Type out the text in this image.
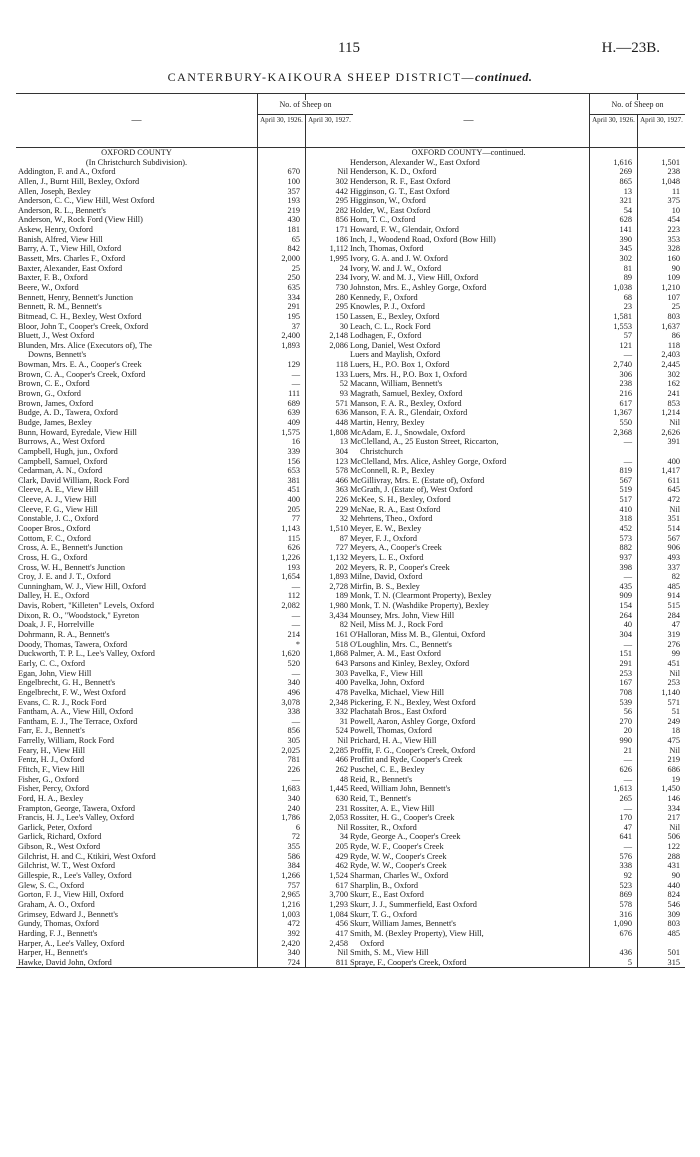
115	H.—23B.
CANTERBURY-KAIKOURA SHEEP DISTRICT—continued.
—
No. of Sheep on
April 30, 1926. April 30, 1927.
OXFORD COUNTY
(In Christchurch Subdivision).
Addington, F. and A., Oxford	670	Nil
Allen, J., Burnt Hill, Bexley, Oxford	100	302
Allen, Joseph, Bexley	357	442
Anderson, C. C., View Hill, West Oxford	193	295
Anderson, R. L., Bennett's	219	282
Anderson, W., Rock Ford (View Hill)	430	856
Askew, Henry, Oxford	181	171
Banish, Alfred, View Hill	65	186
Barry, A. T., View Hill, Oxford	842	1,112
Bassett, Mrs. Charles F., Oxford	2,000	1,995
Baxter, Alexander, East Oxford	25	24
Baxter, F. B., Oxford	250	234
Beere, W., Oxford	635	730
Bennett, Henry, Bennett's Junction	334	280
Bennett, R. M., Bennett's	291	295
Bitmead, C. H., Bexley, West Oxford	195	150
Bloor, John T., Cooper's Creek, Oxford	37	30
Bluett, J., West Oxford	2,400	2,148
Blunden, Mrs. Alice (Executors of), The	1,893	2,086
Downs, Bennett's
Bowman, Mrs. E. A., Cooper's Creek	129	118
Brown, C. A., Cooper's Creek, Oxford	—	133
Brown, C. E., Oxford	—	52
Brown, G., Oxford	111	93
Brown, James, Oxford	689	571
Budge, A. D., Tawera, Oxford	639	636
Budge, James, Bexley	409	448
Bunn, Howard, Eyredale, View Hill	1,575	1,808
Burrows, A., West Oxford	16	13
Campbell, Hugh, jun., Oxford	339	304
Campbell, Samuel, Oxford	156	123
Cedarman, A. N., Oxford	653	578
Clark, David William, Rock Ford	381	466
Cleeve, A. E., View Hill	451	363
Cleeve, A. J., View Hill	400	226
Cleeve, F. G., View Hill	205	229
Constable, J. C., Oxford	77	32
Cooper Bros., Oxford	1,143	1,510
Cottom, F. C., Oxford	115	87
Cross, A. E., Bennett's Junction	626	727
Cross, H. G., Oxford	1,226	1,132
Cross, W. H., Bennett's Junction	193	202
Croy, J. E. and J. T., Oxford	1,654	1,893
Cunningham, W. J., View Hill, Oxford	—	2,728
Dalley, H. E., Oxford	112	189
Davis, Robert, "Killeten" Levels, Oxford	2,082	1,980
Dixon, R. O., "Woodstock," Eyreton	—	3,434
Doak, J. F., Horrelville	—	82
Dohrmann, R. A., Bennett's	214	161
Doody, Thomas, Tawera, Oxford	*	518
Duckworth, T. P. L., Lee's Valley, Oxford	1,620	1,868
Early, C. C., Oxford	520	643
Egan, John, View Hill	—	303
Engelbrecht, G. H., Bennett's	340	400
Engelbrecht, F. W., West Oxford	496	478
Evans, C. R. J., Rock Ford	3,078	2,348
Fantham, A. A., View Hill, Oxford	338	332
Fantham, E. J., The Terrace, Oxford	—	31
Farr, E. J., Bennett's	856	524
Farrelly, William, Rock Ford	305	Nil
Feary, H., View Hill	2,025	2,285
Fentz, H. J., Oxford	781	466
Ffitch, F., View Hill	226	262
Fisher, G., Oxford	—	48
Fisher, Percy, Oxford	1,683	1,445
Ford, H. A., Bexley	340	630
Frampton, George, Tawera, Oxford	240	231
Francis, H. J., Lee's Valley, Oxford	1,786	2,053
Garlick, Peter, Oxford	6	Nil
Garlick, Richard, Oxford	72	34
Gibson, R., West Oxford	355	205
Gilchrist, H. and C., Ktikiri, West Oxford	586	429
Gilchrist, W. T., West Oxford	384	462
Gillespie, R., Lee's Valley, Oxford	1,266	1,524
Glew, S. C., Oxford	757	617
Gorton, F. J., View Hill, Oxford	2,965	3,700
Graham, A. O., Oxford	1,216	1,293
Grimsey, Edward J., Bennett's	1,003	1,084
Gundy, Thomas, Oxford	472	456
Harding, F. J., Bennett's	392	417
Harper, A., Lee's Valley, Oxford	2,420	2,458
Harper, H., Bennett's	340	Nil
Hawke, David John, Oxford	724	811
—
No. of Sheep on
April 30, 1926. April 30, 1927.
OXFORD COUNTY—continued.
Henderson, Alexander W., East Oxford	1,616	1,501
Henderson, K. D., Oxford	269	238
Henderson, R. F., East Oxford	865	1,048
Higginson, G. T., East Oxford	13	11
Higginson, W., Oxford	321	375
Holder, W., East Oxford	54	10
Horn, T. C., Oxford	628	454
Howard, F. W., Glendair, Oxford	141	223
Inch, J., Woodend Road, Oxford (Bow Hill)	390	353
Inch, Thomas, Oxford	345	328
Ivory, G. A. and J. W. Oxford	302	160
Ivory, W. and J. W., Oxford	81	90
Ivory, W. and M. J., View Hill, Oxford	89	109
Johnston, Mrs. E., Ashley Gorge, Oxford	1,038	1,210
Kennedy, F., Oxford	68	107
Knowles, P. J., Oxford	23	25
Lassen, E., Bexley, Oxford	1,581	803
Leach, C. L., Rock Ford	1,553	1,637
Lodhagen, F., Oxford	57	86
Long, Daniel, West Oxford	121	118
Luers and Maylish, Oxford	—	2,403
Luers, H., P.O. Box 1, Oxford	2,740	2,445
Luers, Mrs. H., P.O. Box 1, Oxford	306	302
Macann, William, Bennett's	238	162
Magrath, Samuel, Bexley, Oxford	216	241
Manson, F. A. R., Bexley, Oxford	617	853
Manson, F. A. R., Glendair, Oxford	1,367	1,214
Martin, Henry, Bexley	550	Nil
McAdam, E. J., Snowdale, Oxford	2,368	2,626
McClelland, A., 25 Euston Street, Riccarton,	—	391
Christchurch
McClelland, Mrs. Alice, Ashley Gorge, Oxford	—	400
McConnell, R. P., Bexley	819	1,417
McGillivray, Mrs. E. (Estate of), Oxford	567	611
McGrath, J. (Estate of), West Oxford	519	645
McKee, S. H., Bexley, Oxford	517	472
McNae, R. A., East Oxford	410	Nil
Mehrtens, Theo., Oxford	318	351
Meyer, E. W., Bexley	452	514
Meyer, F. J., Oxford	573	567
Meyers, A., Cooper's Creek	882	906
Meyers, L. E., Oxford	937	493
Meyers, R. P., Cooper's Creek	398	337
Milne, David, Oxford	—	82
Mirfin, B. S., Bexley	435	485
Monk, T. N. (Clearmont Property), Bexley	909	914
Monk, T. N. (Washdike Property), Bexley	154	515
Mounsey, Mrs. John, View Hill	264	284
Neil, Miss M. J., Rock Ford	40	47
O'Halloran, Miss M. B., Glentui, Oxford	304	319
O'Loughlin, Mrs. C., Bennett's	—	276
Palmer, A. M., East Oxford	151	99
Parsons and Kinley, Bexley, Oxford	291	451
Pavelka, F., View Hill	253	Nil
Pavelka, John, Oxford	167	253
Pavelka, Michael, View Hill	708	1,140
Pickering, F. N., Bexley, West Oxford	539	571
Plachatah Bros., East Oxford	56	51
Powell, Aaron, Ashley Gorge, Oxford	270	249
Powell, Thomas, Oxford	20	18
Prichard, H. A., View Hill	990	475
Proffit, F. G., Cooper's Creek, Oxford	21	Nil
Proffitt and Ryde, Cooper's Creek	—	219
Puschel, C. E., Bexley	626	686
Reid, R., Bennett's	—	19
Reed, William John, Bennett's	1,613	1,450
Reid, T., Bennett's	265	146
Rossiter, A. E., View Hill	—	334
Rossiter, H. G., Cooper's Creek	170	217
Rossiter, R., Oxford	47	Nil
Ryde, George A., Cooper's Creek	641	506
Ryde, W. F., Cooper's Creek	—	122
Ryde, W. W., Cooper's Creek	576	288
Ryde, W. W., Cooper's Creek	338	431
Sharman, Charles W., Oxford	92	90
Sharplin, B., Oxford	523	440
Skurr, E., East Oxford	869	824
Skurr, J. J., Summerfield, East Oxford	578	546
Skurr, T. G., Oxford	316	309
Skurr, William James, Bennett's	1,090	803
Smith, M. (Bexley Property), View Hill,	676	485
Oxford
Smith, S. M., View Hill	436	501
Spraye, F., Cooper's Creek, Oxford	5	315
